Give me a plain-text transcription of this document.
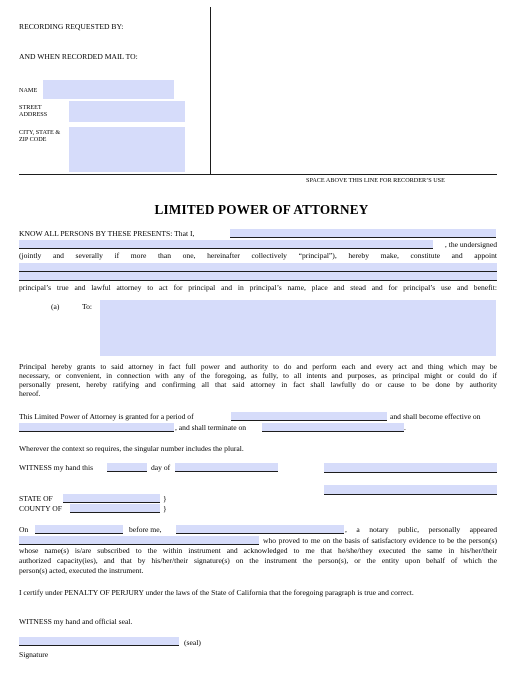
RECORDING REQUESTED BY:
AND WHEN RECORDED MAIL TO:
NAME
STREET
ADDRESS
CITY, STATE &
ZIP CODE
SPACE ABOVE THIS LINE FOR RECORDER’S USE
LIMITED POWER OF ATTORNEY
KNOW ALL PERSONS BY THESE PRESENTS: That I,
, the undersigned
(jointly and severally if more than one, hereinafter collectively “principal”), hereby make, constitute and appoint
principal’s true and lawful attorney to act for principal and in principal’s name, place and stead and for principal’s use and benefit:
(a)	To:
Principal hereby grants to said attorney in fact full power and authority to do and perform each and every act and thing which may be
necessary, or convenient, in connection with any of the foregoing, as fully, to all intents and purposes, as principal might or could do if
personally present, hereby ratifying and confirming all that said attorney in fact shall lawfully do or cause to be done by authority
hereof.
This Limited Power of Attorney is granted for a period of	and shall become effective on
, and shall terminate on	.
Wherever the context so requires, the singular number includes the plural.
WITNESS my hand this	day of
STATE OF	}
COUNTY OF	}
On	before me,	, a notary public, personally appeared
who proved to me on the basis of satisfactory evidence to be the person(s)
whose name(s) is/are subscribed to the within instrument and acknowledged to me that he/she/they executed the same in his/her/their
authorized capacity(ies), and that by his/her/their signature(s) on the instrument the person(s), or the entity upon behalf of which the
person(s) acted, executed the instrument.
I certify under PENALTY OF PERJURY under the laws of the State of California that the foregoing paragraph is true and correct.
WITNESS my hand and official seal.
(seal)
Signature
